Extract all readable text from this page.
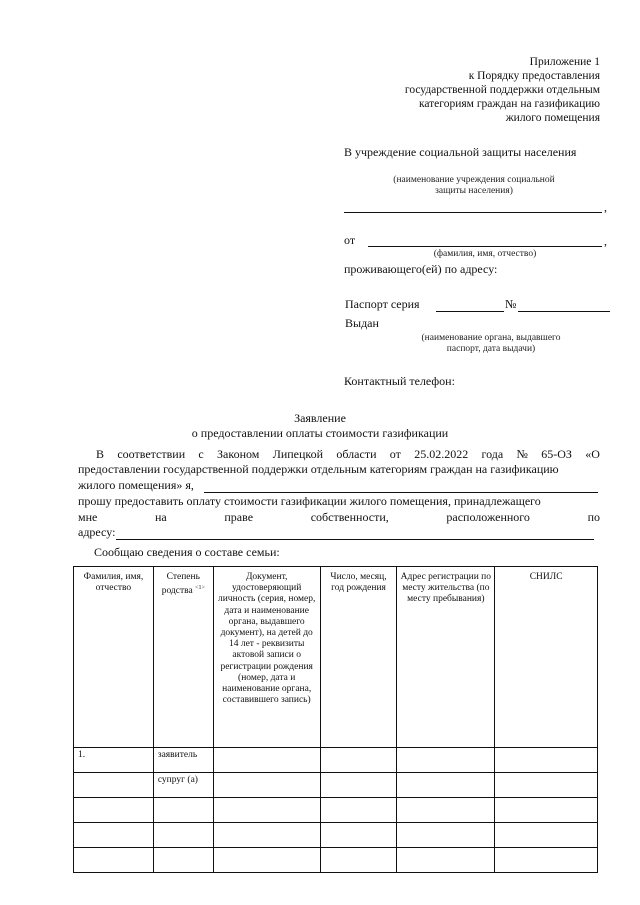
Приложение 1
к Порядку предоставления
государственной поддержки отдельным
категориям граждан на газификацию
жилого помещения
В учреждение социальной защиты населения
(наименование учреждения социальной
защиты населения)
,
от	,
(фамилия, имя, отчество)
проживающего(ей) по адресу:
Паспорт серия	№
Выдан
(наименование органа, выдавшего
паспорт, дата выдачи)
Контактный телефон:
Заявление
о предоставлении оплаты стоимости газификации
В соответствии с Законом Липецкой области от 25.02.2022 года № 65-ОЗ «О
предоставлении государственной поддержки отдельным категориям граждан на газификацию
жилого помещения» я,
прошу предоставить оплату стоимости газификации жилого помещения, принадлежащего
мне	на	праве	собственности,	расположенного	по
адресу:
Сообщаю сведения о составе семьи:
Фамилия, имя, отчество	Степень родства $^{<1>}$	Документ, удостоверяющий личность (серия, номер, дата и наименование органа, выдавшего документ), на детей до 14 лет - реквизиты актовой записи о регистрации рождения (номер, дата и наименование органа, составившего запись)	Число, месяц, год рождения	Адрес регистрации по месту жительства (по месту пребывания)	СНИЛС
1.	заявитель				
	супруг (а)				
